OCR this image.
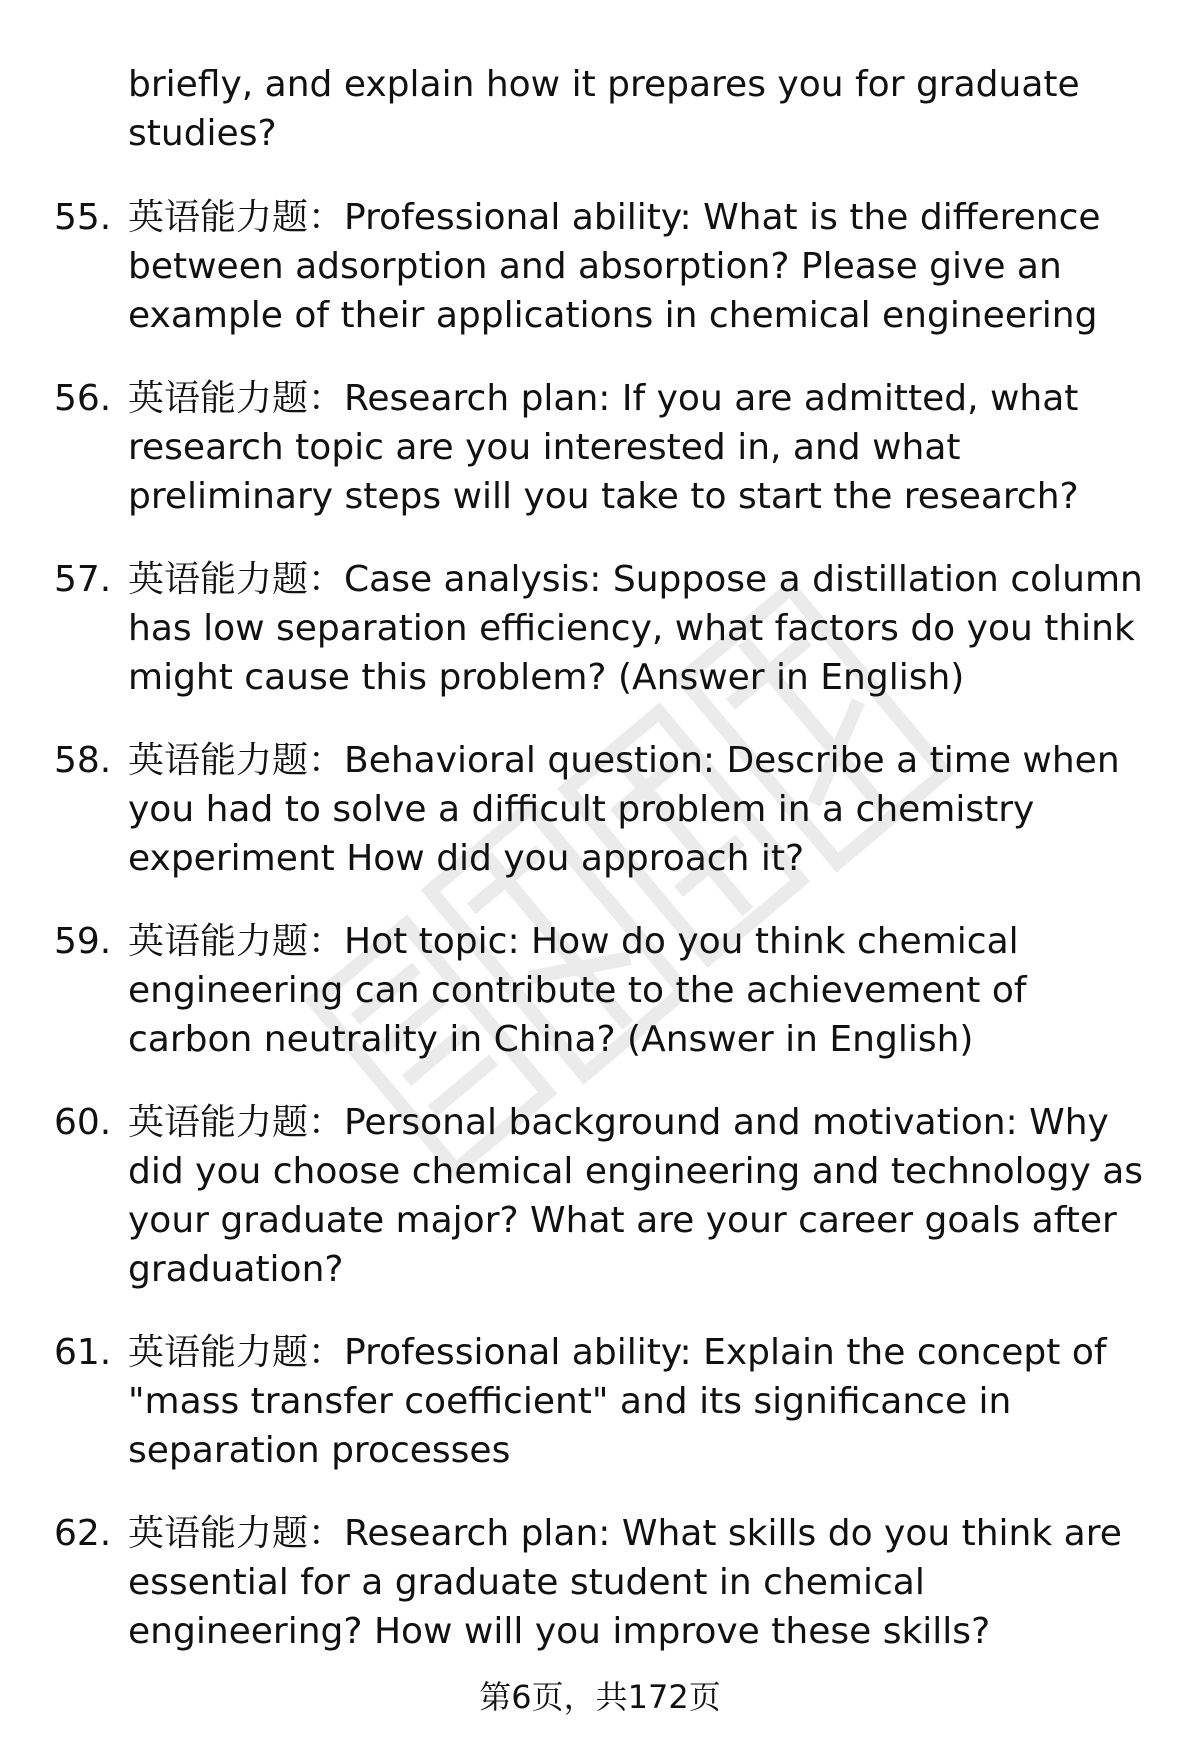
briefly, and explain how it prepares you for graduate studies?
55. 英语能力题：Professional ability: What is the difference between adsorption and absorption? Please give an example of their applications in chemical engineering
56. 英语能力题：Research plan: If you are admitted, what research topic are you interested in, and what preliminary steps will you take to start the research?
57. 英语能力题：Case analysis: Suppose a distillation column has low separation efficiency, what factors do you think might cause this problem? (Answer in English)
58. 英语能力题：Behavioral question: Describe a time when you had to solve a difficult problem in a chemistry experiment How did you approach it?
59. 英语能力题：Hot topic: How do you think chemical engineering can contribute to the achievement of carbon neutrality in China? (Answer in English)
60. 英语能力题：Personal background and motivation: Why did you choose chemical engineering and technology as your graduate major? What are your career goals after graduation?
61. 英语能力题：Professional ability: Explain the concept of "mass transfer coefficient" and its significance in separation processes
62. 英语能力题：Research plan: What skills do you think are essential for a graduate student in chemical engineering? How will you improve these skills?
第6页，共172页
